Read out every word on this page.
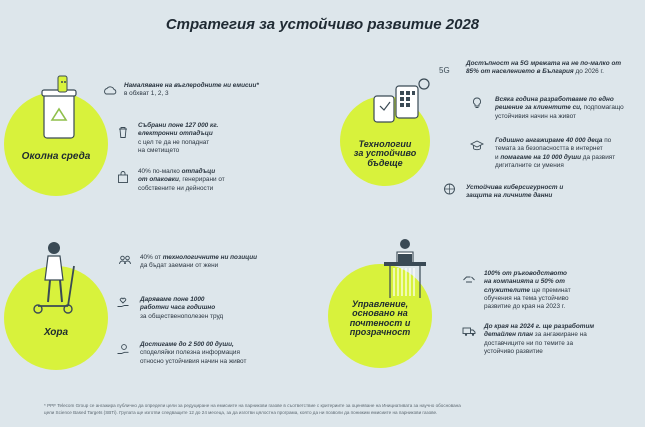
Стратегия за устойчиво развитие 2028
Околна среда
Технологии
за устойчиво
бъдеще
Хора
Управление,
основано на
почтеност и
прозрачност
5G
Намаляване на въглеродните ни емисии*
в обхват 1, 2, 3
Събрани поне 127 000 кг.
електронни отпадъци
с цел те да не попаднат
на сметището
40% по-малко отпадъци
от опаковки, генерирани от
собствените ни дейности
Достъпност на 5G мрежата на не по-малко от
85% от населението в България до 2026 г.
Всяка година разработваме по едно
решение за клиентите си, подпомагащо
устойчивия начин на живот
Годишно ангажираме 40 000 деца по
темата за безопасността в интернет
и помагаме на 10 000 души да развият
дигиталните си умения
Устойчива киберсигурност и
защита на личните данни
40% от технологичните ни позиции
да бъдат заемани от жени
Даряваме поне 1000
работни часа годишно
за общественополезен труд
Достигаме до 2 500 00 души,
споделяйки полезна информация
относно устойчивия начин на живот
100% от ръководството
на компанията и 50% от
служителите ще преминат
обучения на тема устойчиво
развитие до края на 2023 г.
До края на 2024 г. ще разработим
детайлен план за ангажиране на
доставчиците ни по темите за
устойчиво развитие
* PPF Telecom Group се ангажира публично да определи цели за редуциране на емисиите на парникови газове в съответствие с критериите за оценяване на Инициативата за научно обоснована
цели Science Based Targets (SBTi). Групата ще изготви следващите 12 до 24 месеца, за да изготви цялостна програма, която да ни позволи да понижим емисиите на парникови газове.
